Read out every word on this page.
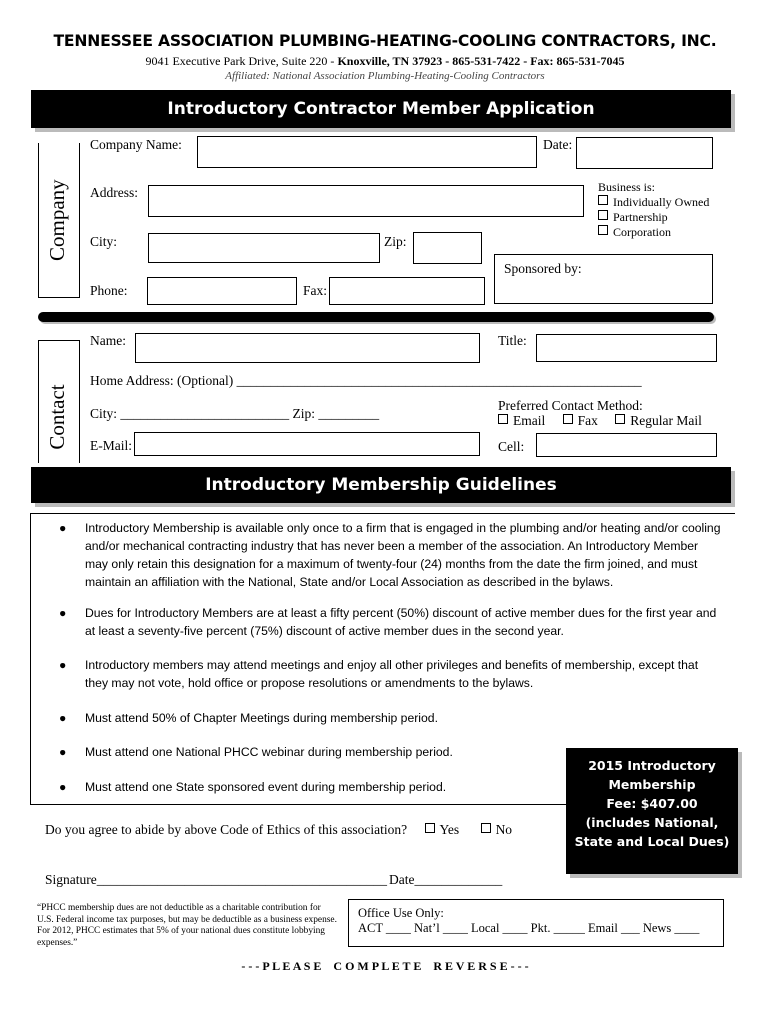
TENNESSEE ASSOCIATION PLUMBING-HEATING-COOLING CONTRACTORS, INC.
9041 Executive Park Drive, Suite 220 - Knoxville, TN 37923 - 865-531-7422 - Fax: 865-531-7045
Affiliated: National Association Plumbing-Heating-Cooling Contractors
Introductory Contractor Member Application
Company
Company Name:	Date:
Address:	Business is:
Individually Owned
Partnership
Corporation
City:	Zip:
Sponsored by:
Phone:	Fax:
Contact
Name:	Title:
Home Address: (Optional) ____________________________________________________________
City: _________________________ Zip: _________
Preferred Contact Method:
Email Fax Regular Mail
E-Mail:	Cell:
Introductory Membership Guidelines
● Introductory Membership is available only once to a firm that is engaged in the plumbing and/or heating and/or cooling and/or mechanical contracting industry that has never been a member of the association. An Introductory Member may only retain this designation for a maximum of twenty-four (24) months from the date the firm joined, and must maintain an affiliation with the National, State and/or Local Association as described in the bylaws.
● Dues for Introductory Members are at least a fifty percent (50%) discount of active member dues for the first year and at least a seventy-five percent (75%) discount of active member dues in the second year.
● Introductory members may attend meetings and enjoy all other privileges and benefits of membership, except that they may not vote, hold office or propose resolutions or amendments to the bylaws.
● Must attend 50% of Chapter Meetings during membership period.
● Must attend one National PHCC webinar during membership period.
● Must attend one State sponsored event during membership period.
2015 Introductory
Membership
Fee: $407.00
(includes National,
State and Local Dues)
Do you agree to abide by above Code of Ethics of this association? Yes	No
Signature___________________________________________ Date_____________
“PHCC membership dues are not deductible as a charitable contribution for U.S. Federal income tax purposes, but may be deductible as a business expense. For 2012, PHCC estimates that 5% of your national dues constitute lobbying expenses.”
Office Use Only:
ACT ____ Nat’l ____ Local ____ Pkt. _____ Email ___ News ____
- - - P L E A S E    C O M P L E T E    R E V E R S E - - -
